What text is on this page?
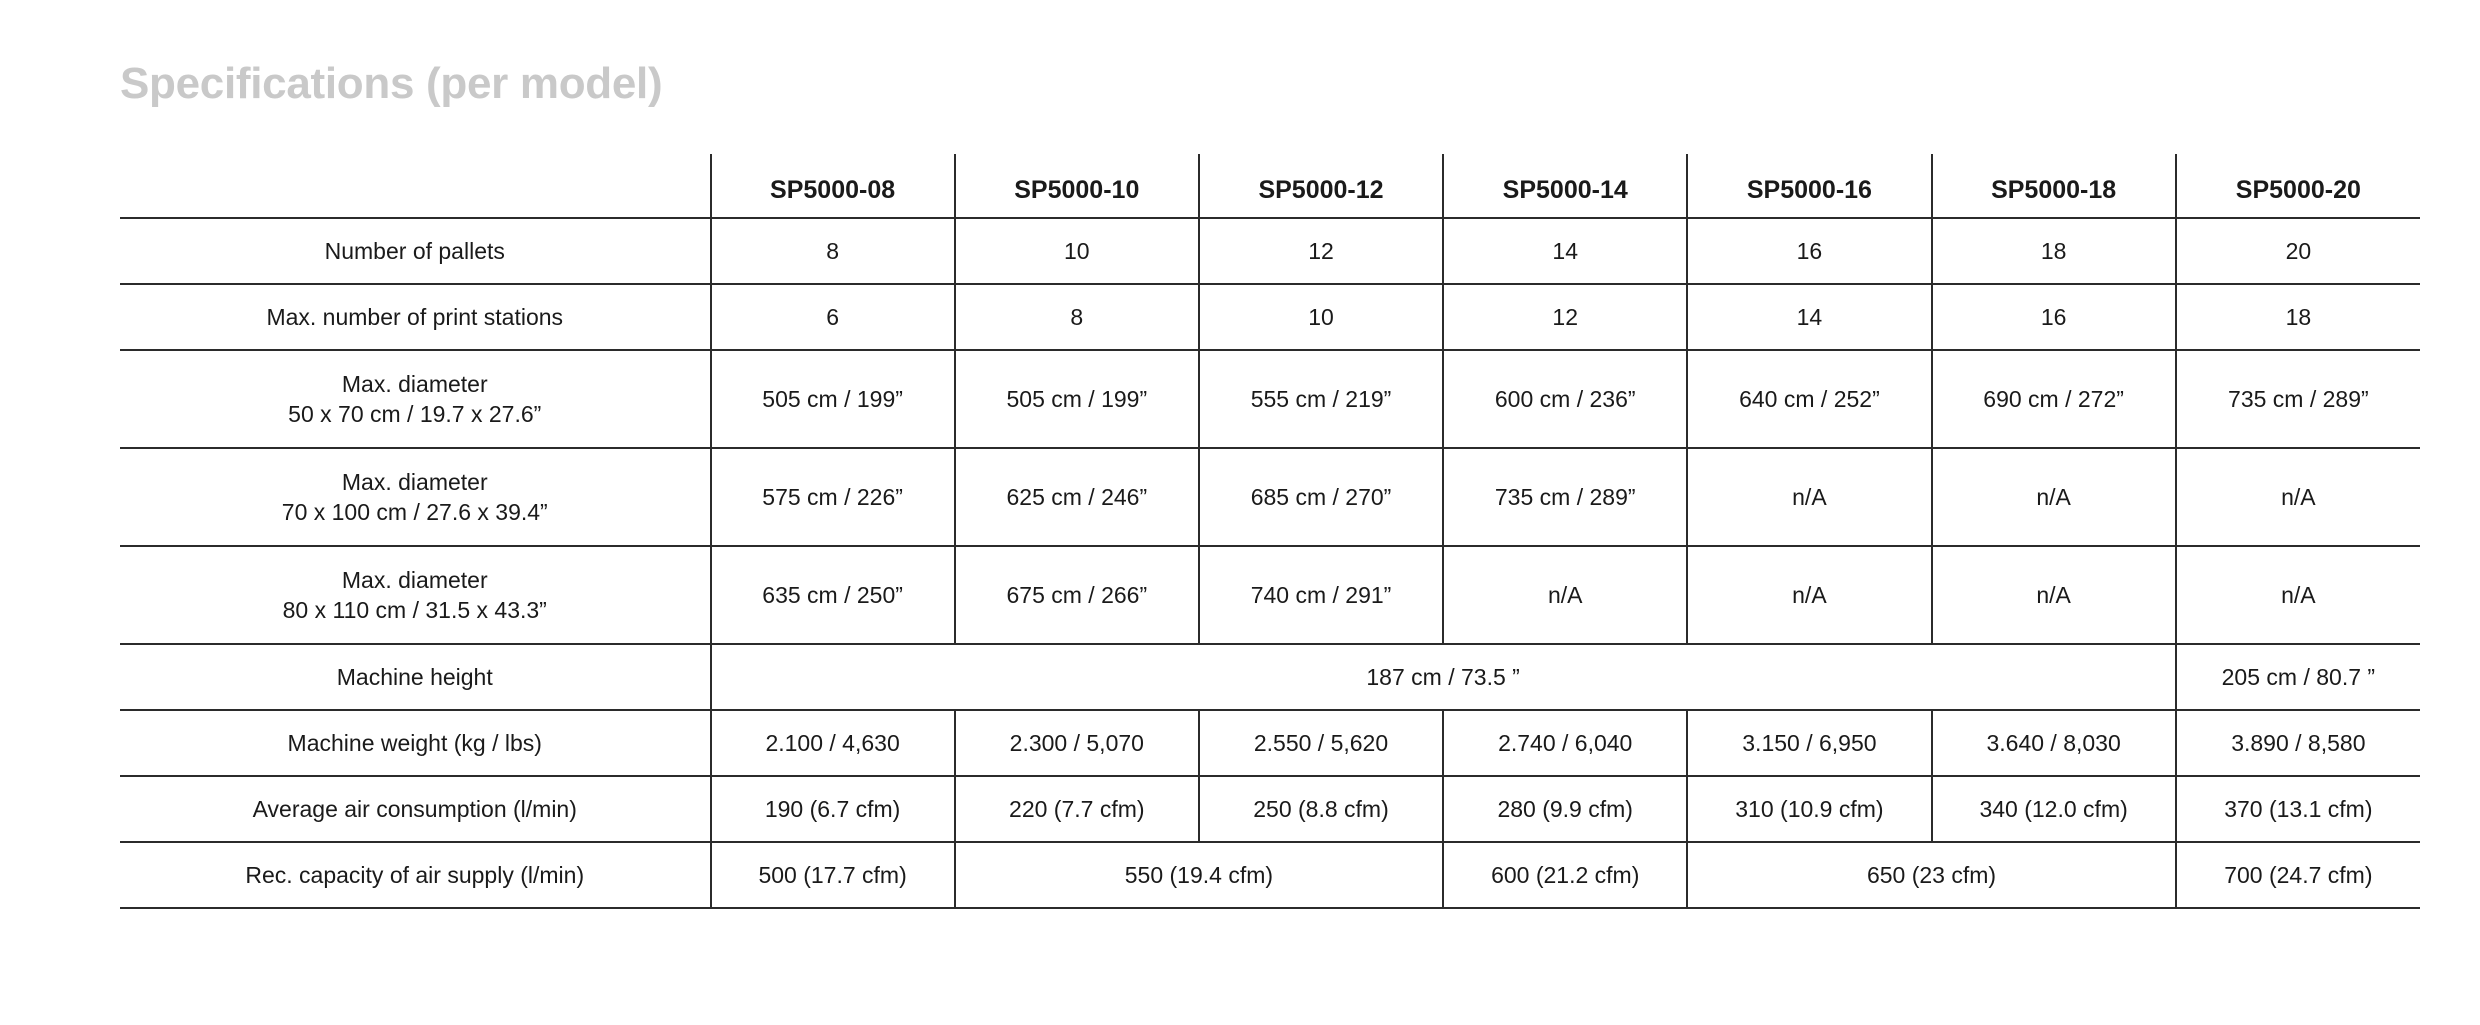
Specifications (per model)
	SP5000-08	SP5000-10	SP5000-12	SP5000-14	SP5000-16	SP5000-18	SP5000-20

Number of pallets	8	10	12	14	16	18	20

Max. number of print stations	6	8	10	12	14	16	18

Max. diameter
50 x 70 cm / 19.7 x 27.6”	505 cm / 199”	505 cm / 199”	555 cm / 219”	600 cm / 236”	640 cm / 252”	690 cm / 272”	735 cm / 289”

Max. diameter
70 x 100 cm / 27.6 x 39.4”	575 cm / 226”	625 cm / 246”	685 cm / 270”	735 cm / 289”	n/A	n/A	n/A

Max. diameter
80 x 110 cm / 31.5 x 43.3”	635 cm / 250”	675 cm / 266”	740 cm / 291”	n/A	n/A	n/A	n/A

Machine height	187 cm / 73.5 ”						205 cm / 80.7 ”

Machine weight (kg / lbs)	2.100 / 4,630	2.300 / 5,070	2.550 / 5,620	2.740 / 6,040	3.150 / 6,950	3.640 / 8,030	3.890 / 8,580

Average air consumption (l/min)	190 (6.7 cfm)	220 (7.7 cfm)	250 (8.8 cfm)	280 (9.9 cfm)	310 (10.9 cfm)	340 (12.0 cfm)	370 (13.1 cfm)

Rec. capacity of air supply (l/min)	500 (17.7 cfm)	550 (19.4 cfm)		600 (21.2 cfm)	650 (23 cfm)		700 (24.7 cfm)
